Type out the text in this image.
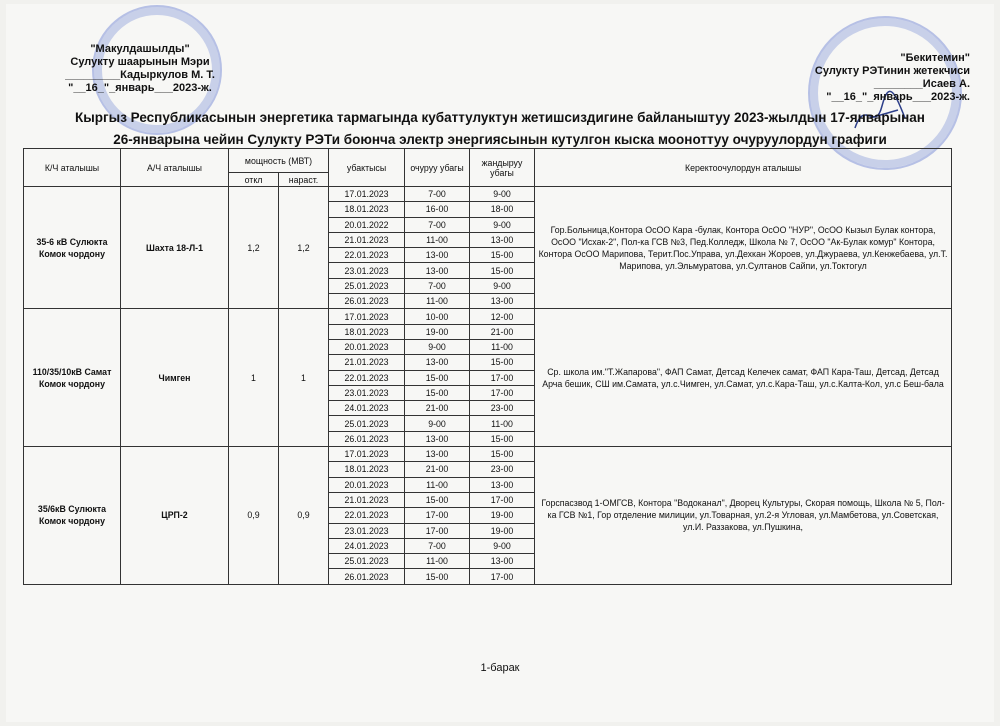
"Макулдашылды"
Сулукту шаарынын Мэри
_________Кадыркулов М. Т.
"__16_"_январь___2023-ж.
"Бекитемин"
Сулукту РЭТинин жетекчиси
________Исаев А.
"__16_"_январь___2023-ж.
Кыргыз Республикасынын энергетика тармагында кубаттулуктун жетишсиздигине байланыштуу 2023-жылдын 17-январынан
26-январына чейин Сулукту РЭТи боюнча электр энергиясынын кутулгон кыска мооноттуу очуруулордун графиги
К/Ч аталышы	А/Ч аталышы	мощность (МВТ)		убактысы	очуруу убагы	жандыруу убагы	Керектоочулордун аталышы
		откл	нараст.				
35-6 кВ Сулюкта Комок чордону	Шахта 18-Л-1	1,2	1,2	17.01.2023	7-00	9-00	Гор.Больница,Контора ОсОО Кара -булак, Контора ОсОО "НУР", ОсОО Кызыл Булак контора, ОсОО "Исхак-2", Пол-ка ГСВ №3, Пед.Колледж, Школа № 7, ОсОО "Ак-Булак комур" Контора, Контора ОсОО Марипова, Терит.Пос.Управа, ул.Дехкан Жороев, ул.Джураева, ул.Кенжебаева, ул.Т. Марипова, ул.Эльмуратова, ул.Султанов Сайпи, ул.Токтогул
				18.01.2023	16-00	18-00	
				20.01.2022	7-00	9-00	
				21.01.2023	11-00	13-00	
				22.01.2023	13-00	15-00	
				23.01.2023	13-00	15-00	
				25.01.2023	7-00	9-00	
				26.01.2023	11-00	13-00	
110/35/10кВ Самат Комок чордону	Чимген	1	1	17.01.2023	10-00	12-00	Ср. школа им."Т.Жапарова", ФАП Самат, Детсад Келечек самат, ФАП Кара-Таш, Детсад, Детсад Арча бешик, СШ им.Самата, ул.с.Чимген, ул.Самат, ул.с.Кара-Таш, ул.с.Калта-Кол, ул.с Беш-бала
				18.01.2023	19-00	21-00	
				20.01.2023	9-00	11-00	
				21.01.2023	13-00	15-00	
				22.01.2023	15-00	17-00	
				23.01.2023	15-00	17-00	
				24.01.2023	21-00	23-00	
				25.01.2023	9-00	11-00	
				26.01.2023	13-00	15-00	
35/6кВ Сулюкта Комок чордону	ЦРП-2	0,9	0,9	17.01.2023	13-00	15-00	Горспасзвод 1-ОМГСВ, Контора "Водоканал", Дворец Культуры, Скорая помощь, Школа № 5, Пол-ка ГСВ №1, Гор отделение милиции, ул.Товарная, ул.2-я Угловая, ул.Мамбетова, ул.Советская, ул.И. Раззакова, ул.Пушкина,
				18.01.2023	21-00	23-00	
				20.01.2023	11-00	13-00	
				21.01.2023	15-00	17-00	
				22.01.2023	17-00	19-00	
				23.01.2023	17-00	19-00	
				24.01.2023	7-00	9-00	
				25.01.2023	11-00	13-00	
				26.01.2023	15-00	17-00	
1-барак
